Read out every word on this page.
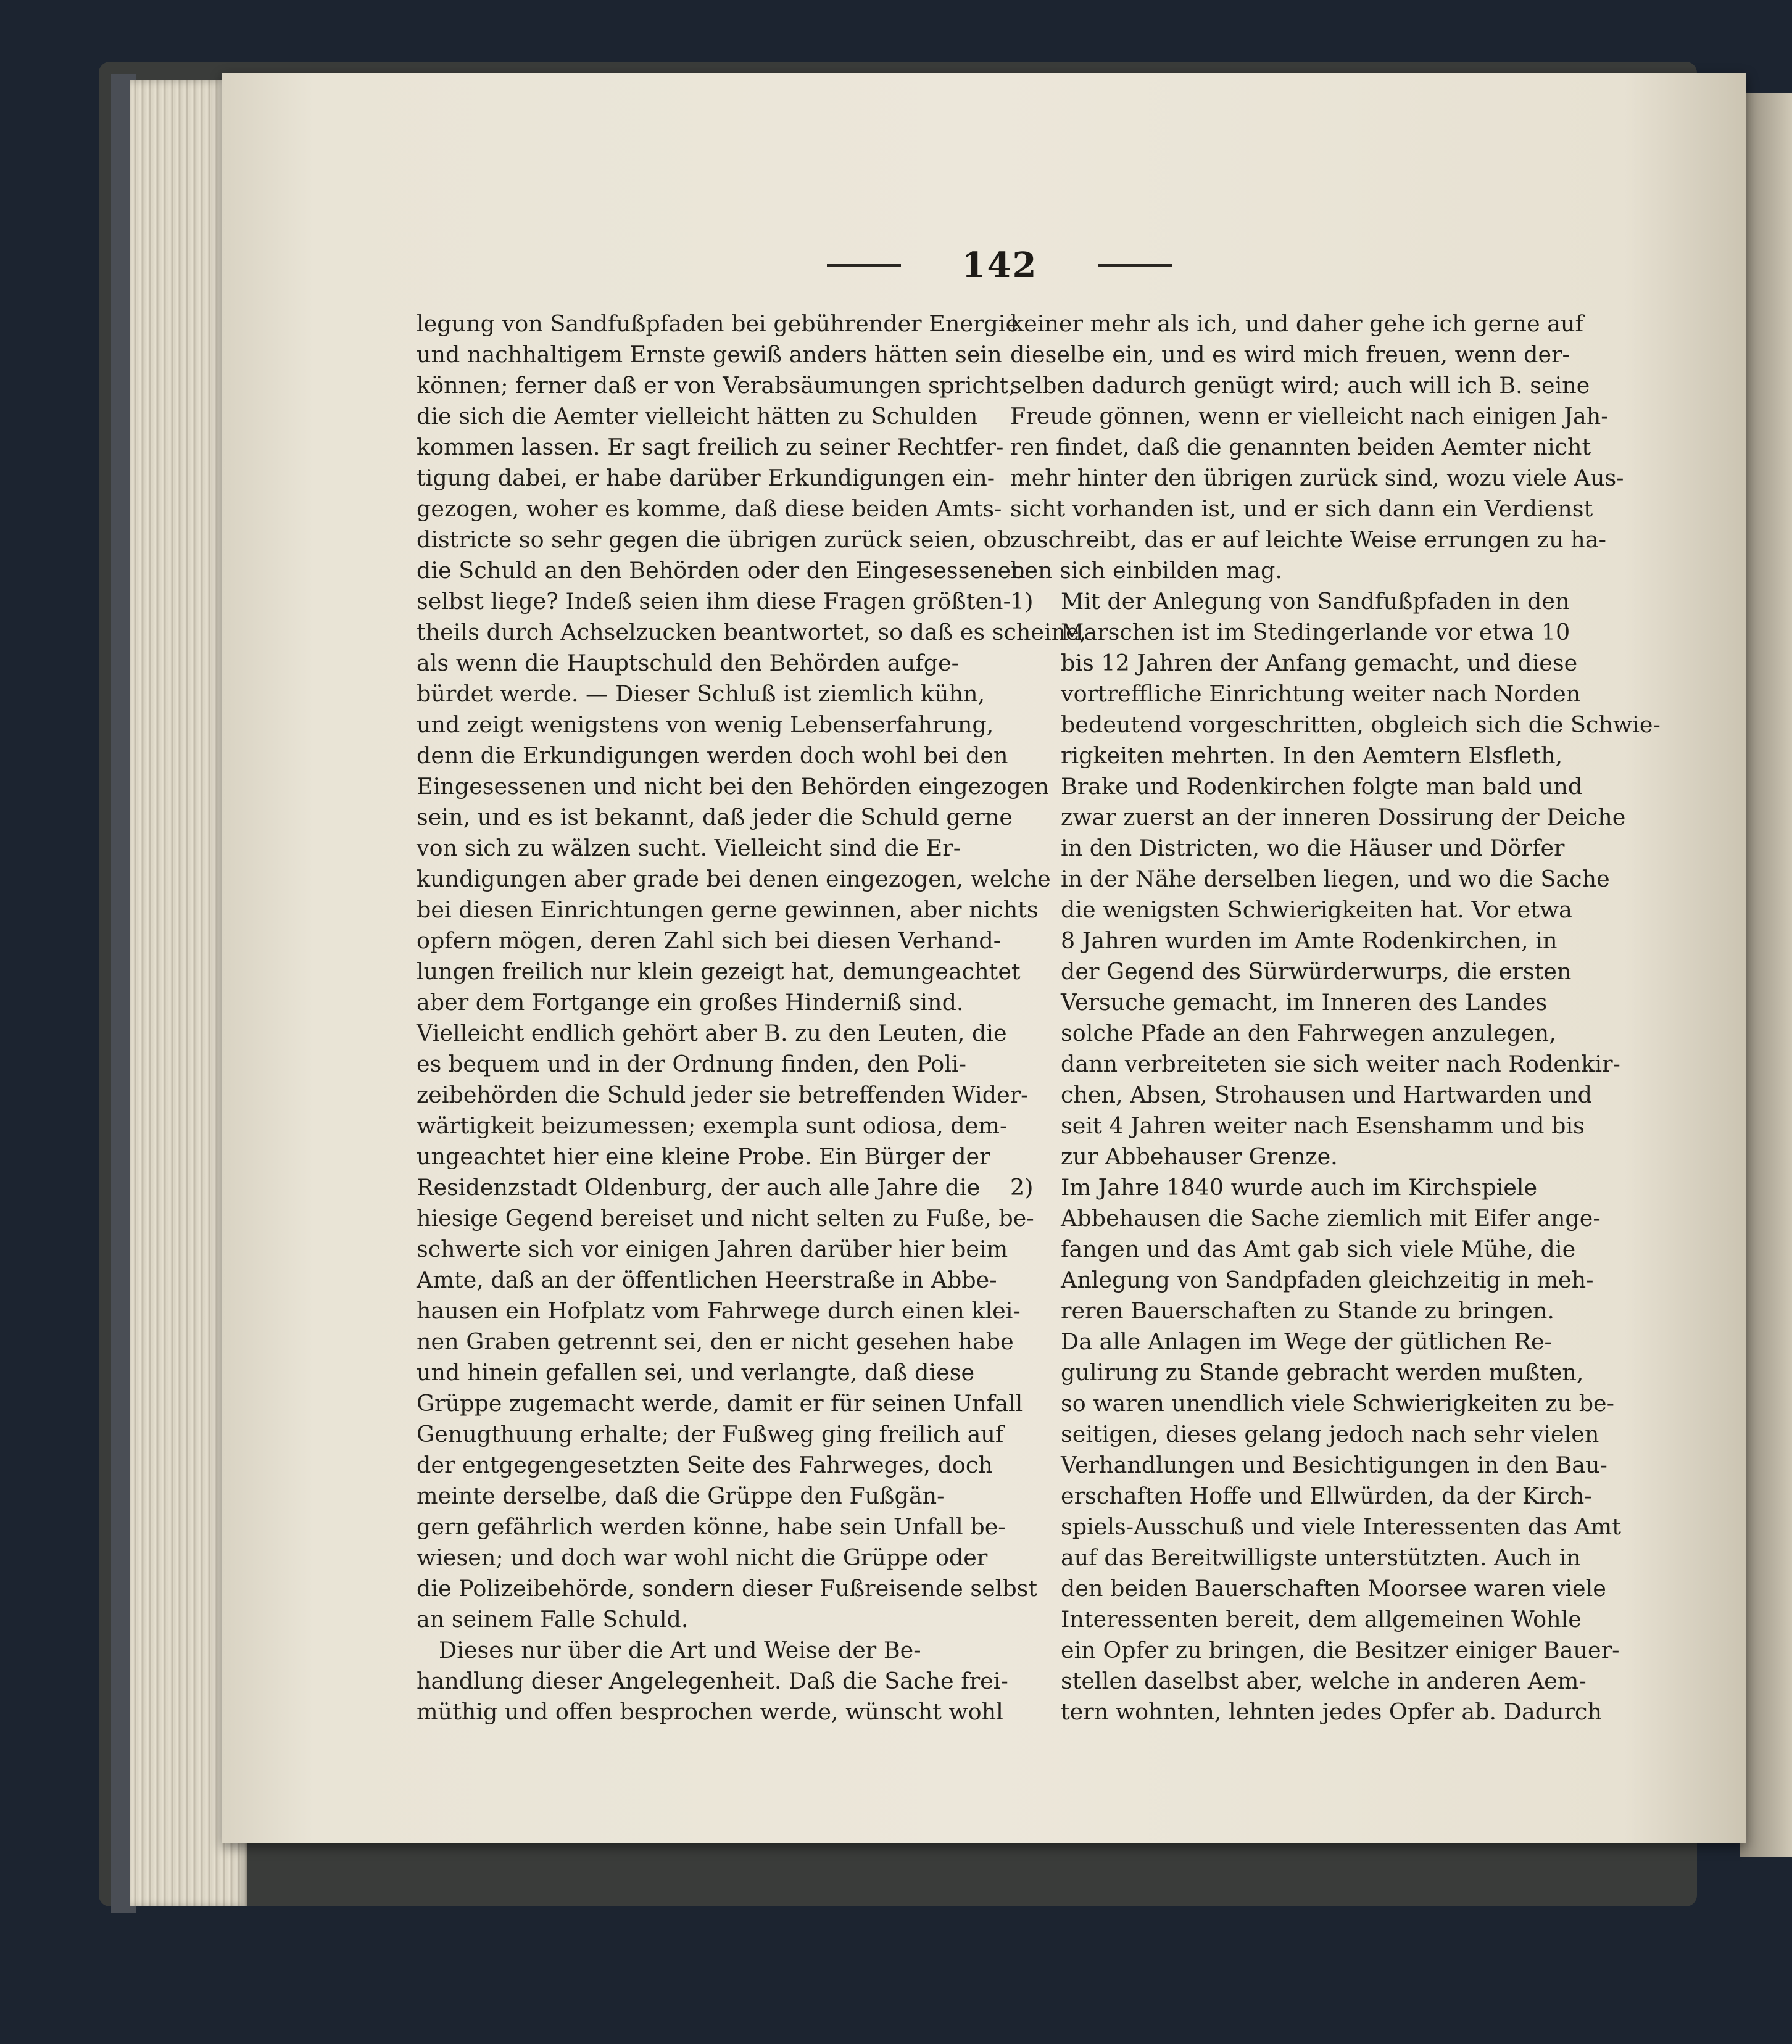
142
legung von Sandfußpfaden bei gebührender Energie
und nachhaltigem Ernste gewiß anders hätten sein
können; ferner daß er von Verabsäumungen spricht,
die sich die Aemter vielleicht hätten zu Schulden
kommen lassen. Er sagt freilich zu seiner Rechtfer-
tigung dabei, er habe darüber Erkundigungen ein-
gezogen, woher es komme, daß diese beiden Amts-
districte so sehr gegen die übrigen zurück seien, ob
die Schuld an den Behörden oder den Eingesessenen
selbst liege? Indeß seien ihm diese Fragen größten-
theils durch Achselzucken beantwortet, so daß es scheine,
als wenn die Hauptschuld den Behörden aufge-
bürdet werde. — Dieser Schluß ist ziemlich kühn,
und zeigt wenigstens von wenig Lebenserfahrung,
denn die Erkundigungen werden doch wohl bei den
Eingesessenen und nicht bei den Behörden eingezogen
sein, und es ist bekannt, daß jeder die Schuld gerne
von sich zu wälzen sucht. Vielleicht sind die Er-
kundigungen aber grade bei denen eingezogen, welche
bei diesen Einrichtungen gerne gewinnen, aber nichts
opfern mögen, deren Zahl sich bei diesen Verhand-
lungen freilich nur klein gezeigt hat, demungeachtet
aber dem Fortgange ein großes Hinderniß sind.
Vielleicht endlich gehört aber B. zu den Leuten, die
es bequem und in der Ordnung finden, den Poli-
zeibehörden die Schuld jeder sie betreffenden Wider-
wärtigkeit beizumessen; exempla sunt odiosa, dem-
ungeachtet hier eine kleine Probe. Ein Bürger der
Residenzstadt Oldenburg, der auch alle Jahre die
hiesige Gegend bereiset und nicht selten zu Fuße, be-
schwerte sich vor einigen Jahren darüber hier beim
Amte, daß an der öffentlichen Heerstraße in Abbe-
hausen ein Hofplatz vom Fahrwege durch einen klei-
nen Graben getrennt sei, den er nicht gesehen habe
und hinein gefallen sei, und verlangte, daß diese
Grüppe zugemacht werde, damit er für seinen Unfall
Genugthuung erhalte; der Fußweg ging freilich auf
der entgegengesetzten Seite des Fahrweges, doch
meinte derselbe, daß die Grüppe den Fußgän-
gern gefährlich werden könne, habe sein Unfall be-
wiesen; und doch war wohl nicht die Grüppe oder
die Polizeibehörde, sondern dieser Fußreisende selbst
an seinem Falle Schuld.
Dieses nur über die Art und Weise der Be-
handlung dieser Angelegenheit. Daß die Sache frei-
müthig und offen besprochen werde, wünscht wohl
keiner mehr als ich, und daher gehe ich gerne auf
dieselbe ein, und es wird mich freuen, wenn der-
selben dadurch genügt wird; auch will ich B. seine
Freude gönnen, wenn er vielleicht nach einigen Jah-
ren findet, daß die genannten beiden Aemter nicht
mehr hinter den übrigen zurück sind, wozu viele Aus-
sicht vorhanden ist, und er sich dann ein Verdienst
zuschreibt, das er auf leichte Weise errungen zu ha-
ben sich einbilden mag.
1)	Mit der Anlegung von Sandfußpfaden in den
Marschen ist im Stedingerlande vor etwa 10
bis 12 Jahren der Anfang gemacht, und diese
vortreffliche Einrichtung weiter nach Norden
bedeutend vorgeschritten, obgleich sich die Schwie-
rigkeiten mehrten. In den Aemtern Elsfleth,
Brake und Rodenkirchen folgte man bald und
zwar zuerst an der inneren Dossirung der Deiche
in den Districten, wo die Häuser und Dörfer
in der Nähe derselben liegen, und wo die Sache
die wenigsten Schwierigkeiten hat. Vor etwa
8 Jahren wurden im Amte Rodenkirchen, in
der Gegend des Sürwürderwurps, die ersten
Versuche gemacht, im Inneren des Landes
solche Pfade an den Fahrwegen anzulegen,
dann verbreiteten sie sich weiter nach Rodenkir-
chen, Absen, Strohausen und Hartwarden und
seit 4 Jahren weiter nach Esenshamm und bis
zur Abbehauser Grenze.
2)	Im Jahre 1840 wurde auch im Kirchspiele
Abbehausen die Sache ziemlich mit Eifer ange-
fangen und das Amt gab sich viele Mühe, die
Anlegung von Sandpfaden gleichzeitig in meh-
reren Bauerschaften zu Stande zu bringen.
Da alle Anlagen im Wege der gütlichen Re-
gulirung zu Stande gebracht werden mußten,
so waren unendlich viele Schwierigkeiten zu be-
seitigen, dieses gelang jedoch nach sehr vielen
Verhandlungen und Besichtigungen in den Bau-
erschaften Hoffe und Ellwürden, da der Kirch-
spiels-Ausschuß und viele Interessenten das Amt
auf das Bereitwilligste unterstützten. Auch in
den beiden Bauerschaften Moorsee waren viele
Interessenten bereit, dem allgemeinen Wohle
ein Opfer zu bringen, die Besitzer einiger Bauer-
stellen daselbst aber, welche in anderen Aem-
tern wohnten, lehnten jedes Opfer ab. Dadurch
